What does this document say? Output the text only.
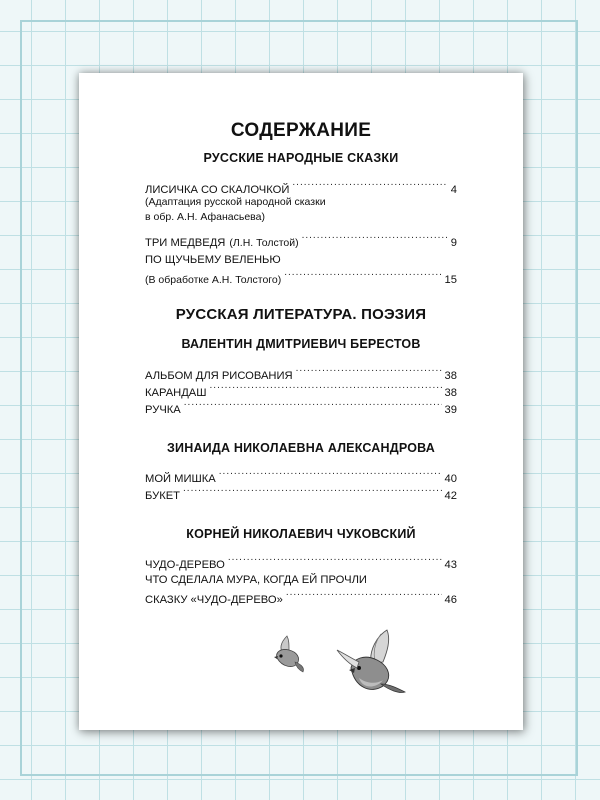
СОДЕРЖАНИЕ
РУССКИЕ НАРОДНЫЕ СКАЗКИ
ЛИСИЧКА СО СКАЛОЧКОЙ .....	4
(Адаптация русской народной сказки
в обр. А.Н. Афанасьева)
ТРИ МЕДВЕДЯ (Л.Н. Толстой) .....	9
ПО ЩУЧЬЕМУ ВЕЛЕНЬЮ
(В обработке А.Н. Толстого) .....	15
РУССКАЯ ЛИТЕРАТУРА. ПОЭЗИЯ
ВАЛЕНТИН ДМИТРИЕВИЧ БЕРЕСТОВ
АЛЬБОМ ДЛЯ РИСОВАНИЯ .....	38
КАРАНДАШ .....	38
РУЧКА .....	39
ЗИНАИДА НИКОЛАЕВНА АЛЕКСАНДРОВА
МОЙ МИШКА .....	40
БУКЕТ .....	42
КОРНЕЙ НИКОЛАЕВИЧ ЧУКОВСКИЙ
ЧУДО-ДЕРЕВО .....	43
ЧТО СДЕЛАЛА МУРА, КОГДА ЕЙ ПРОЧЛИ
СКАЗКУ «ЧУДО-ДЕРЕВО» .....	46
